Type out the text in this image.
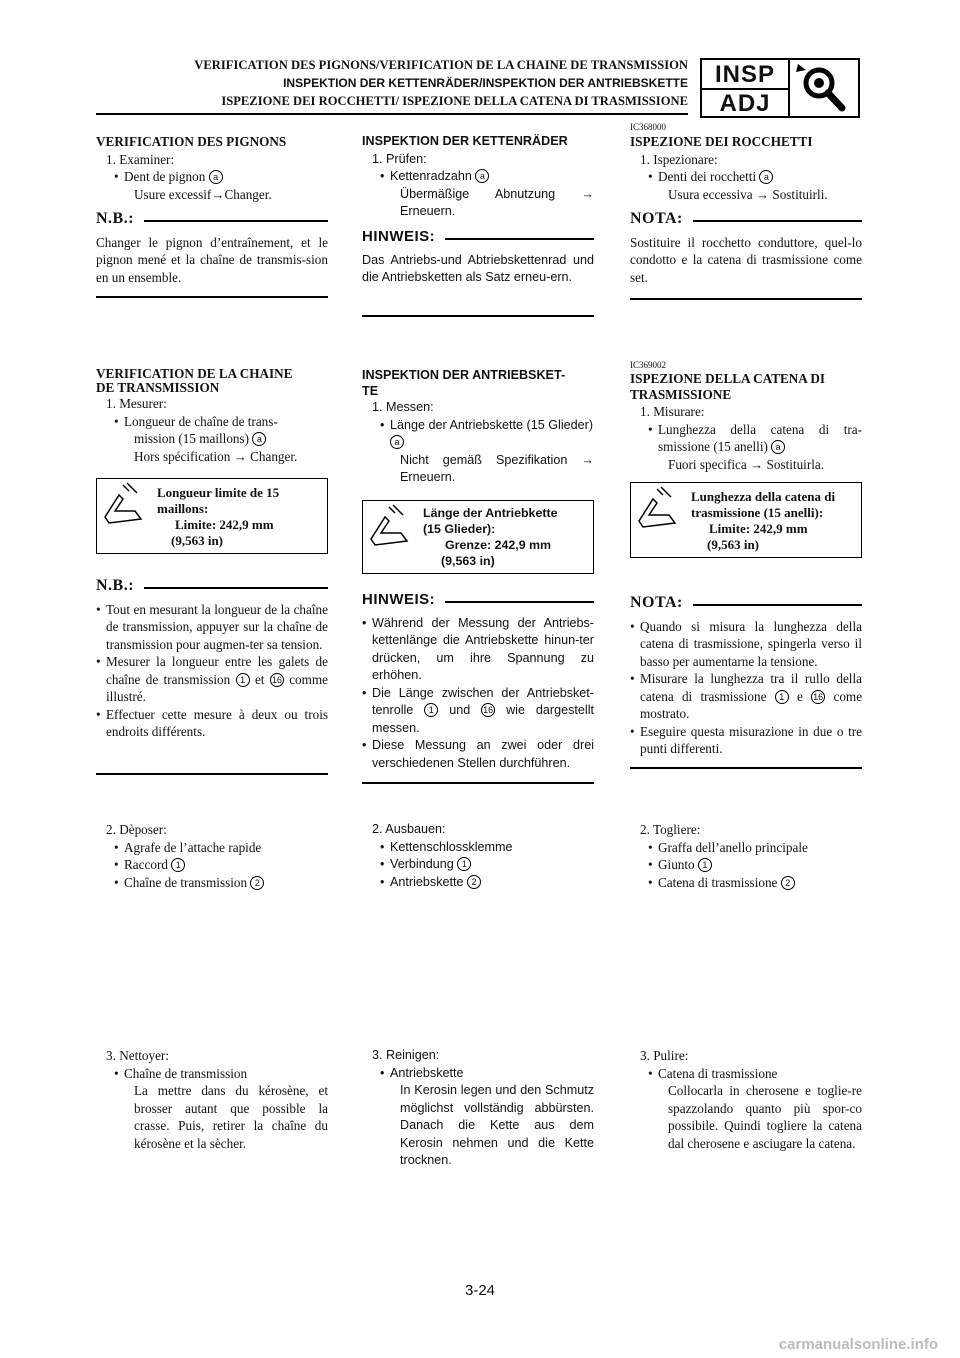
VERIFICATION DES PIGNONS/VERIFICATION DE LA CHAINE DE TRANSMISSION
INSPEKTION DER KETTENRÄDER/INSPEKTION DER ANTRIEBSKETTE
ISPEZIONE DEI ROCCHETTI/ ISPEZIONE DELLA CATENA DI TRASMISSIONE
INSP
ADJ
VERIFICATION DES PIGNONS
1. Examiner:
• Dent de pignon a
Usure excessif→Changer.
N.B.:
Changer le pignon d’entraînement, et le pignon mené et la chaîne de transmis-sion en un ensemble.
VERIFICATION DE LA CHAINE
DE TRANSMISSION
1. Mesurer:
• Longueur de chaîne de trans-
mission (15 maillons) a
Hors spécification → Changer.
Longueur limite de 15
maillons:
Limite: 242,9 mm
(9,563 in)
N.B.:
• Tout en mesurant la longueur de la chaîne de transmission, appuyer sur la chaîne de transmission pour augmen-ter sa tension.
• Mesurer la longueur entre les galets de chaîne de transmission 1 et 16 comme illustré.
• Effectuer cette mesure à deux ou trois endroits différents.
2. Dèposer:
• Agrafe de l’attache rapide
• Raccord 1
• Chaîne de transmission 2
3. Nettoyer:
• Chaîne de transmission
La mettre dans du kérosène, et brosser autant que possible la crasse. Puis, retirer la chaîne du kérosène et la sècher.
INSPEKTION DER KETTENRÄDER
1. Prüfen:
• Kettenradzahn a
Übermäßige Abnutzung → Erneuern.
HINWEIS:
Das Antriebs-und Abtriebskettenrad und die Antriebsketten als Satz erneu-ern.
INSPEKTION DER ANTRIEBSKET-
TE
1. Messen:
• Länge der Antriebskette (15 Glieder) a
Nicht gemäß Spezifikation → Erneuern.
Länge der Antriebkette
(15 Glieder):
Grenze: 242,9 mm
(9,563 in)
HINWEIS:
• Während der Messung der Antriebs-kettenlänge die Antriebskette hinun-ter drücken, um ihre Spannung zu erhöhen.
• Die Länge zwischen der Antriebsket-tenrolle 1 und 16 wie dargestellt messen.
• Diese Messung an zwei oder drei verschiedenen Stellen durchführen.
2. Ausbauen:
• Kettenschlossklemme
• Verbindung 1
• Antriebskette 2
3. Reinigen:
• Antriebskette
In Kerosin legen und den Schmutz möglichst vollständig abbürsten. Danach die Kette aus dem Kerosin nehmen und die Kette trocknen.
IC368000
ISPEZIONE DEI ROCCHETTI
1. Ispezionare:
• Denti dei rocchetti a
Usura eccessiva → Sostituirli.
NOTA:
Sostituire il rocchetto conduttore, quel-lo condotto e la catena di trasmissione come set.
IC369002
ISPEZIONE DELLA CATENA DI
TRASMISSIONE
1. Misurare:
• Lunghezza della catena di tra-smissione (15 anelli) a
Fuori specifica → Sostituirla.
Lunghezza della catena di
trasmissione (15 anelli):
Limite: 242,9 mm
(9,563 in)
NOTA:
• Quando si misura la lunghezza della catena di trasmissione, spingerla verso il basso per aumentarne la tensione.
• Misurare la lunghezza tra il rullo della catena di trasmissione 1 e 16 come mostrato.
• Eseguire questa misurazione in due o tre punti differenti.
2. Togliere:
• Graffa dell’anello principale
• Giunto 1
• Catena di trasmissione 2
3. Pulire:
• Catena di trasmissione
Collocarla in cherosene e toglie-re spazzolando quanto più spor-co possibile. Quindi togliere la catena dal cherosene e asciugare la catena.
3-24
carmanualsonline.info
